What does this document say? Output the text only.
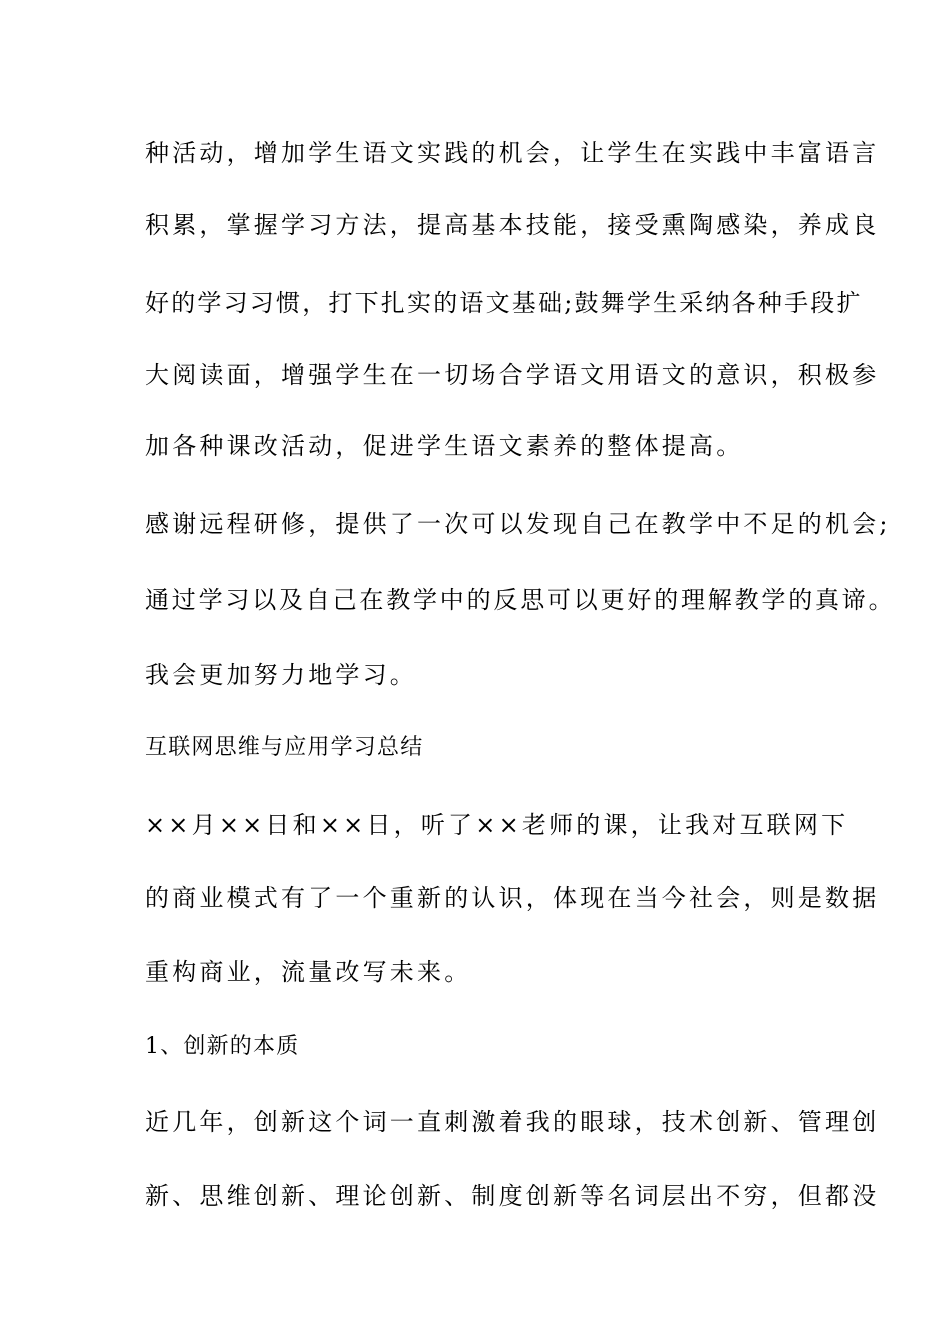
种活动，增加学生语文实践的机会，让学生在实践中丰富语言
积累，掌握学习方法，提高基本技能，接受熏陶感染，养成良
好的学习习惯，打下扎实的语文基础;鼓舞学生采纳各种手段扩
大阅读面，增强学生在一切场合学语文用语文的意识，积极参
加各种课改活动，促进学生语文素养的整体提高。
感谢远程研修，提供了一次可以发现自己在教学中不足的机会;
通过学习以及自己在教学中的反思可以更好的理解教学的真谛。
我会更加努力地学习。
互联网思维与应用学习总结
××月××日和××日，听了××老师的课，让我对互联网下
的商业模式有了一个重新的认识，体现在当今社会，则是数据
重构商业，流量改写未来。
1、创新的本质
近几年，创新这个词一直刺激着我的眼球，技术创新、管理创
新、思维创新、理论创新、制度创新等名词层出不穷，但都没
